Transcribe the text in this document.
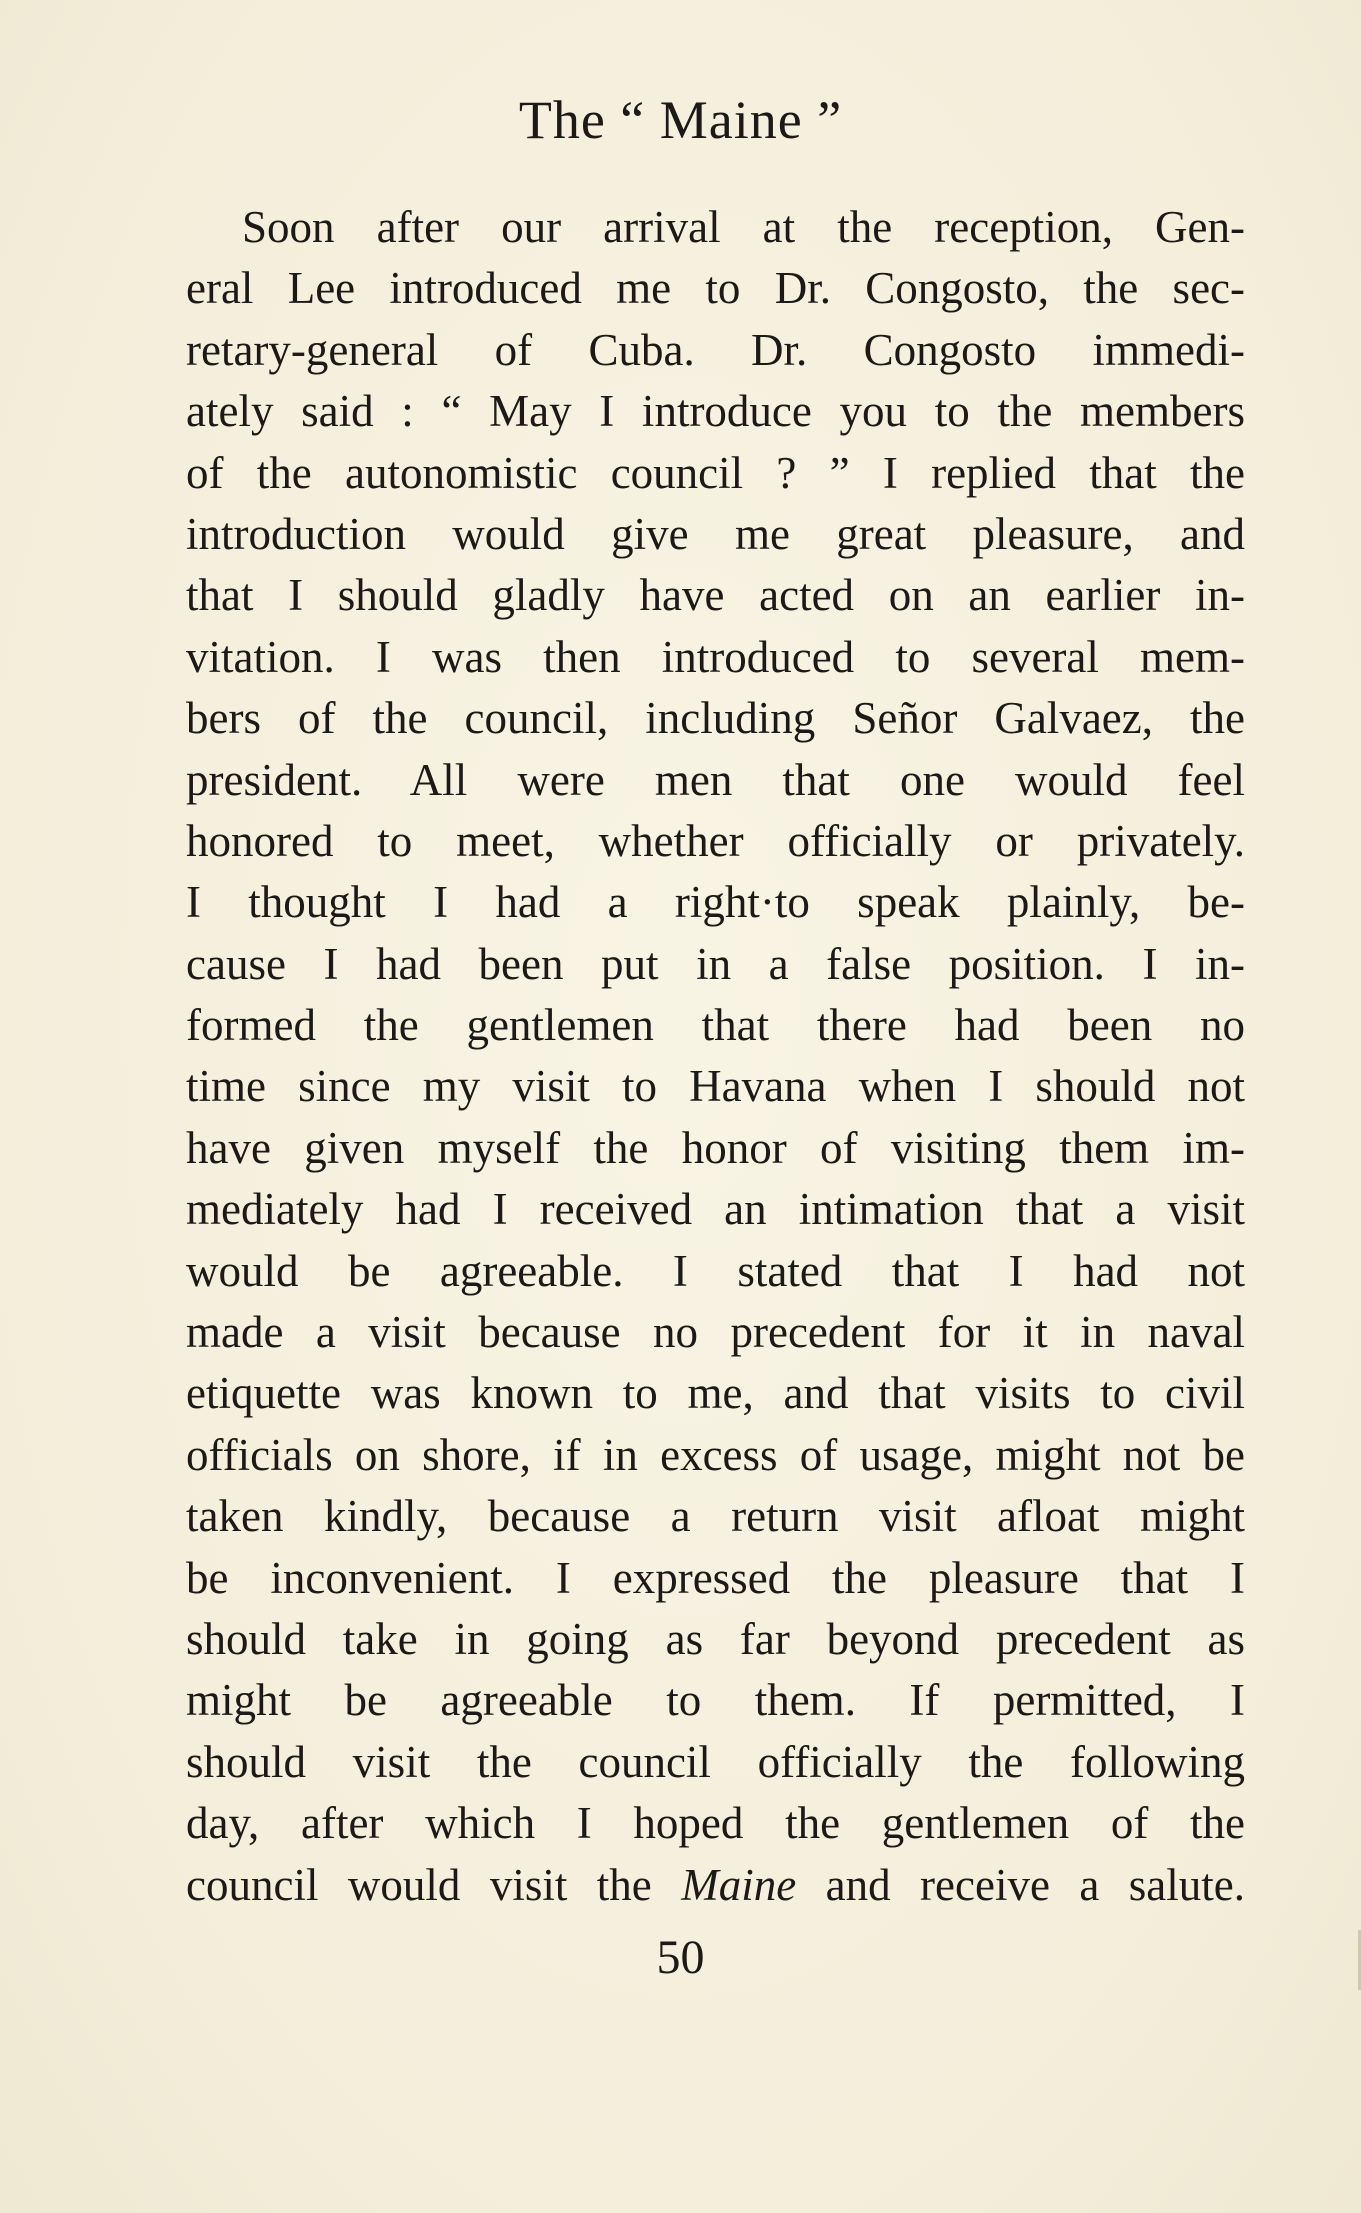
The “ Maine ”
Soon after our arrival at the reception, Gen-
eral Lee introduced me to Dr. Congosto, the sec-
retary-general of Cuba. Dr. Congosto immedi-
ately said : “ May I introduce you to the members
of the autonomistic council ? ” I replied that the
introduction would give me great pleasure, and
that I should gladly have acted on an earlier in-
vitation. I was then introduced to several mem-
bers of the council, including Señor Galvaez, the
president. All were men that one would feel
honored to meet, whether officially or privately.
I thought I had a right·to speak plainly, be-
cause I had been put in a false position. I in-
formed the gentlemen that there had been no
time since my visit to Havana when I should not
have given myself the honor of visiting them im-
mediately had I received an intimation that a visit
would be agreeable. I stated that I had not
made a visit because no precedent for it in naval
etiquette was known to me, and that visits to civil
officials on shore, if in excess of usage, might not be
taken kindly, because a return visit afloat might
be inconvenient. I expressed the pleasure that I
should take in going as far beyond precedent as
might be agreeable to them. If permitted, I
should visit the council officially the following
day, after which I hoped the gentlemen of the
council would visit the Maine and receive a salute.
50
